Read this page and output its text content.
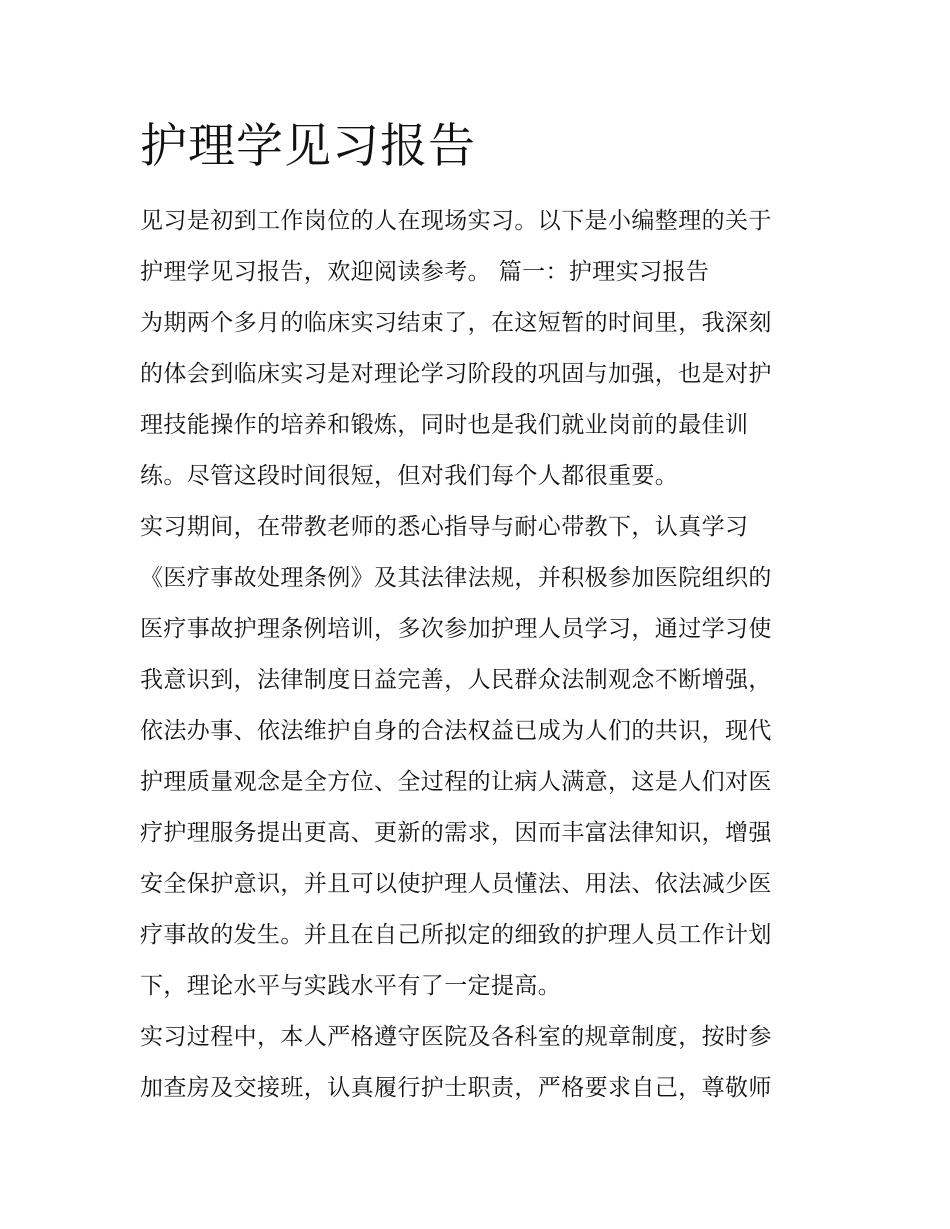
护理学见习报告
见习是初到工作岗位的人在现场实习。以下是小编整理的关于
护理学见习报告，欢迎阅读参考。 篇一：护理实习报告
为期两个多月的临床实习结束了，在这短暂的时间里，我深刻
的体会到临床实习是对理论学习阶段的巩固与加强，也是对护
理技能操作的培养和锻炼，同时也是我们就业岗前的最佳训
练。尽管这段时间很短，但对我们每个人都很重要。
实习期间，在带教老师的悉心指导与耐心带教下，认真学习
《医疗事故处理条例》及其法律法规，并积极参加医院组织的
医疗事故护理条例培训，多次参加护理人员学习，通过学习使
我意识到，法律制度日益完善，人民群众法制观念不断增强，
依法办事、依法维护自身的合法权益已成为人们的共识，现代
护理质量观念是全方位、全过程的让病人满意，这是人们对医
疗护理服务提出更高、更新的需求，因而丰富法律知识，增强
安全保护意识，并且可以使护理人员懂法、用法、依法减少医
疗事故的发生。并且在自己所拟定的细致的护理人员工作计划
下，理论水平与实践水平有了一定提高。
实习过程中，本人严格遵守医院及各科室的规章制度，按时参
加查房及交接班，认真履行护士职责，严格要求自己，尊敬师
